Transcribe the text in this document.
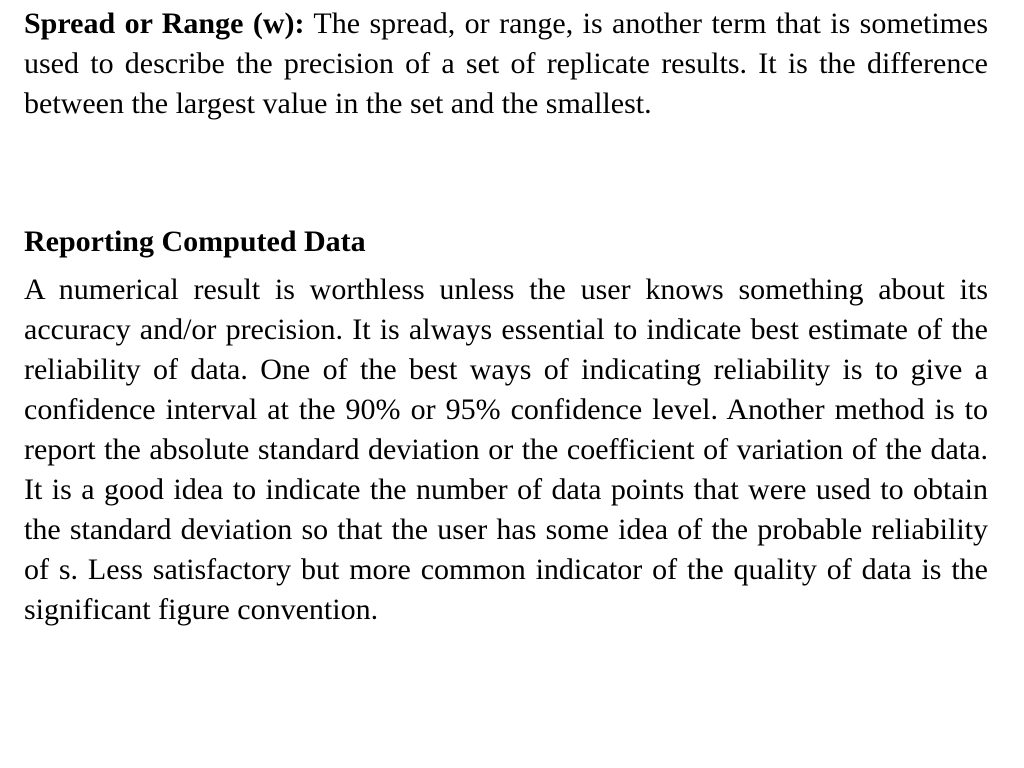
Spread or Range (w): The spread, or range, is another term that is sometimes used to describe the precision of a set of replicate results. It is the difference between the largest value in the set and the smallest.

Reporting Computed Data

A numerical result is worthless unless the user knows something about its accuracy and/or precision. It is always essential to indicate best estimate of the reliability of data. One of the best ways of indicating reliability is to give a confidence interval at the 90% or 95% confidence level. Another method is to report the absolute standard deviation or the coefficient of variation of the data. It is a good idea to indicate the number of data points that were used to obtain the standard deviation so that the user has some idea of the probable reliability of s. Less satisfactory but more common indicator of the quality of data is the significant figure convention.
